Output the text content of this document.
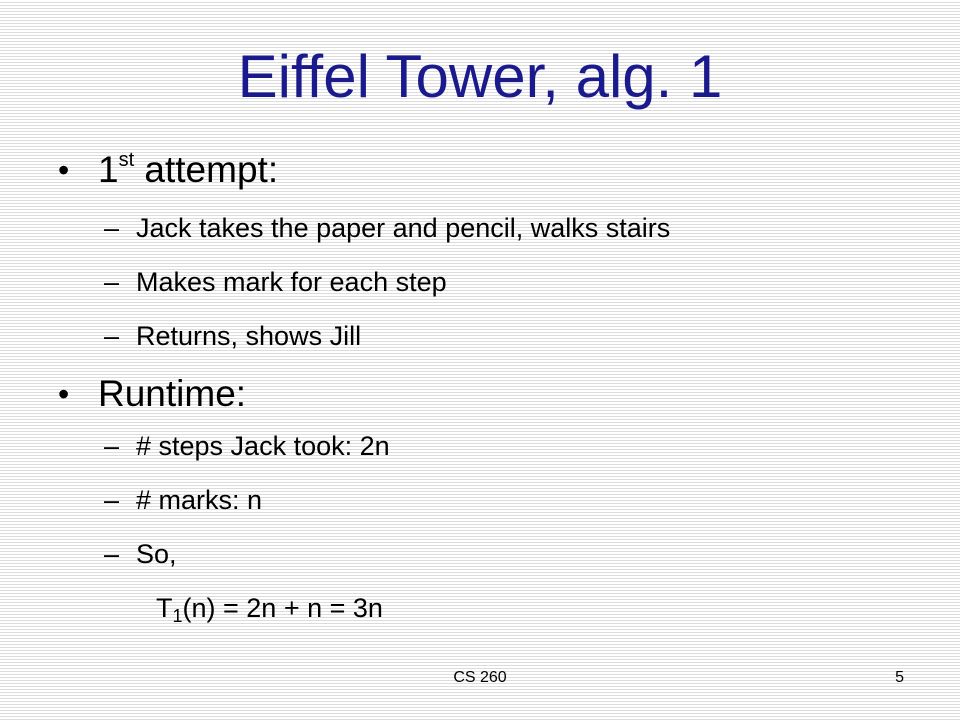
Eiffel Tower, alg. 1
• 1st attempt:
– Jack takes the paper and pencil, walks stairs
– Makes mark for each step
– Returns, shows Jill
• Runtime:
– # steps Jack took: 2n
– # marks: n
– So,
$T_1(n) = 2n + n = 3n$
CS 260	5
